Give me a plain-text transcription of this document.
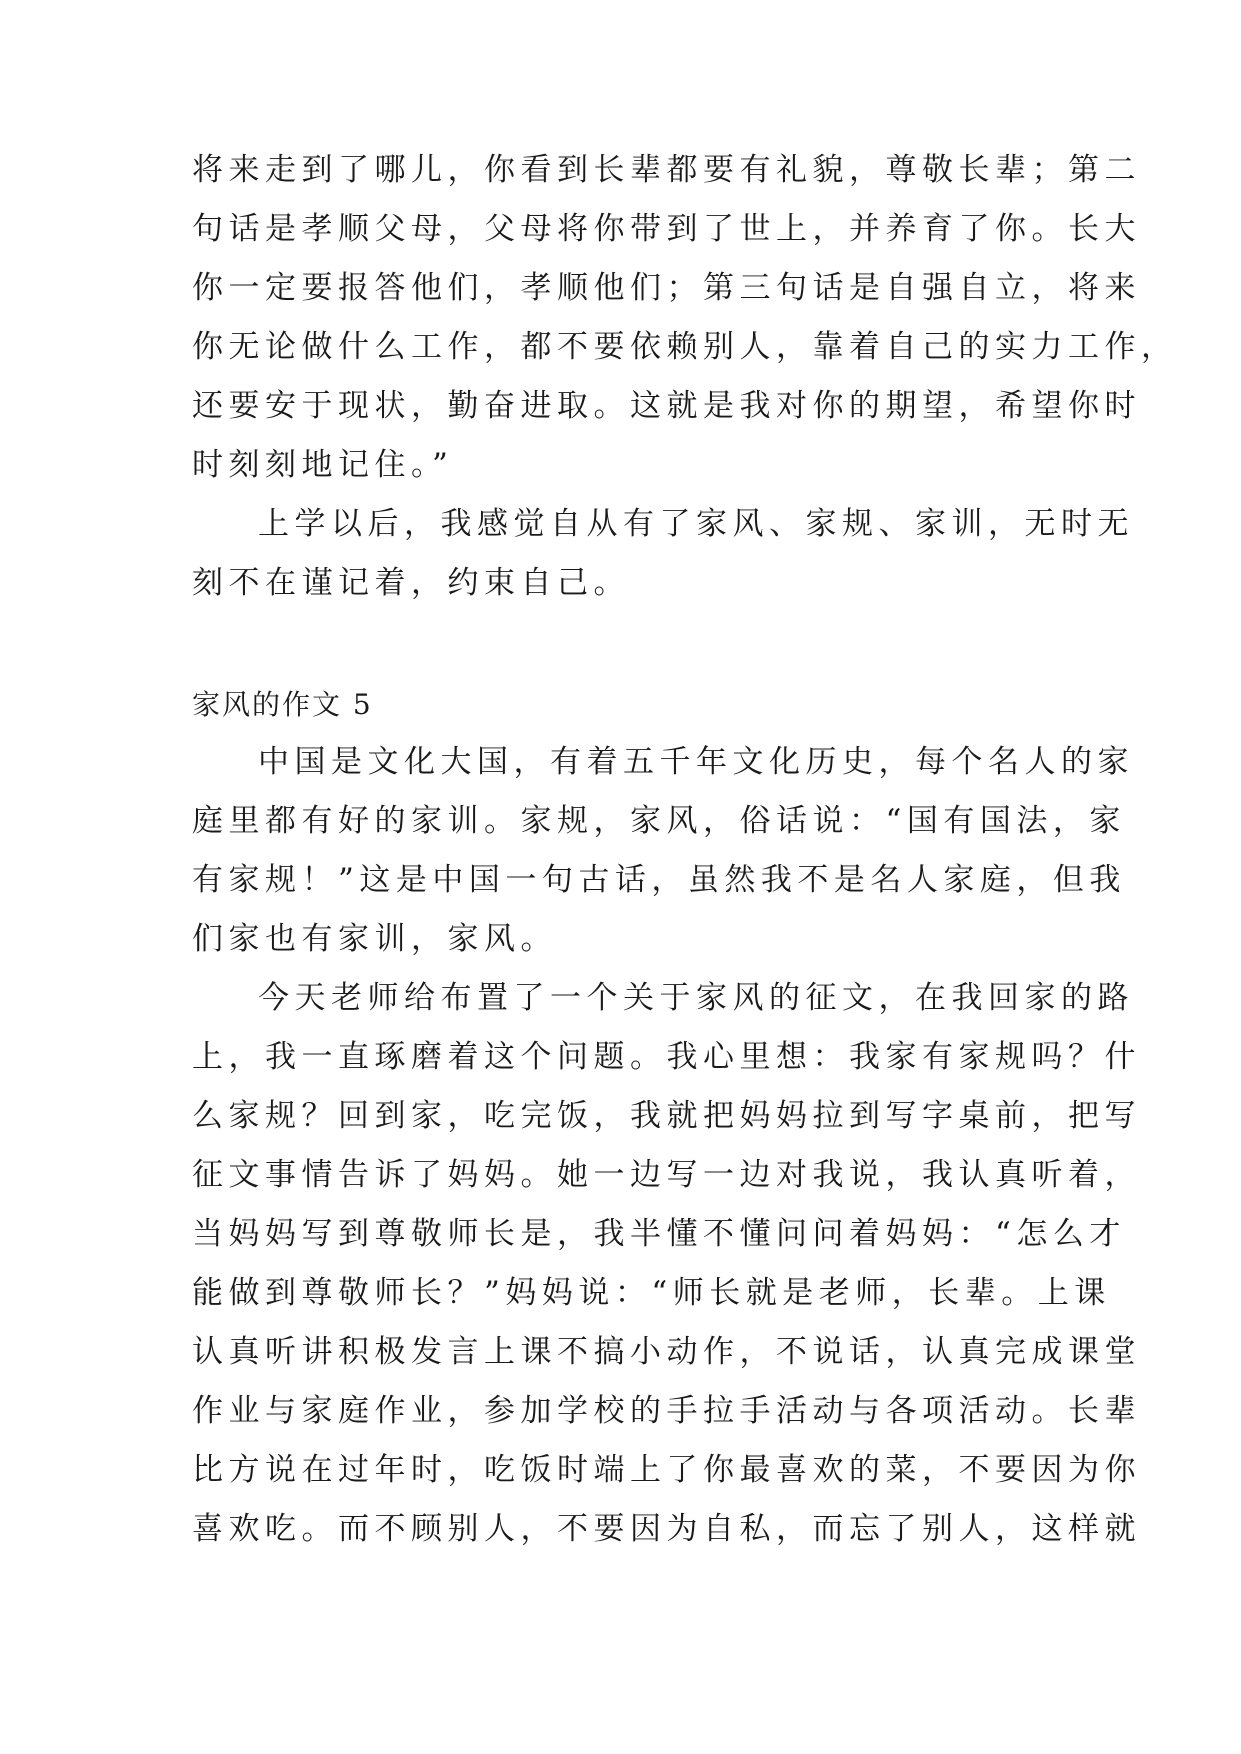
将来走到了哪儿，你看到长辈都要有礼貌，尊敬长辈；第二
句话是孝顺父母，父母将你带到了世上，并养育了你。长大
你一定要报答他们，孝顺他们；第三句话是自强自立，将来
你无论做什么工作，都不要依赖别人，靠着自己的实力工作，
还要安于现状，勤奋进取。这就是我对你的期望，希望你时
时刻刻地记住。”
上学以后，我感觉自从有了家风、家规、家训，无时无
刻不在谨记着，约束自己。
家风的作文 5
中国是文化大国，有着五千年文化历史，每个名人的家
庭里都有好的家训。家规，家风，俗话说：“国有国法，家
有家规！”这是中国一句古话，虽然我不是名人家庭，但我
们家也有家训，家风。
今天老师给布置了一个关于家风的征文，在我回家的路
上，我一直琢磨着这个问题。我心里想：我家有家规吗？什
么家规？回到家，吃完饭，我就把妈妈拉到写字桌前，把写
征文事情告诉了妈妈。她一边写一边对我说，我认真听着，
当妈妈写到尊敬师长是，我半懂不懂问问着妈妈：“怎么才
能做到尊敬师长？”妈妈说：“师长就是老师，长辈。上课
认真听讲积极发言上课不搞小动作，不说话，认真完成课堂
作业与家庭作业，参加学校的手拉手活动与各项活动。长辈
比方说在过年时，吃饭时端上了你最喜欢的菜，不要因为你
喜欢吃。而不顾别人，不要因为自私，而忘了别人，这样就
